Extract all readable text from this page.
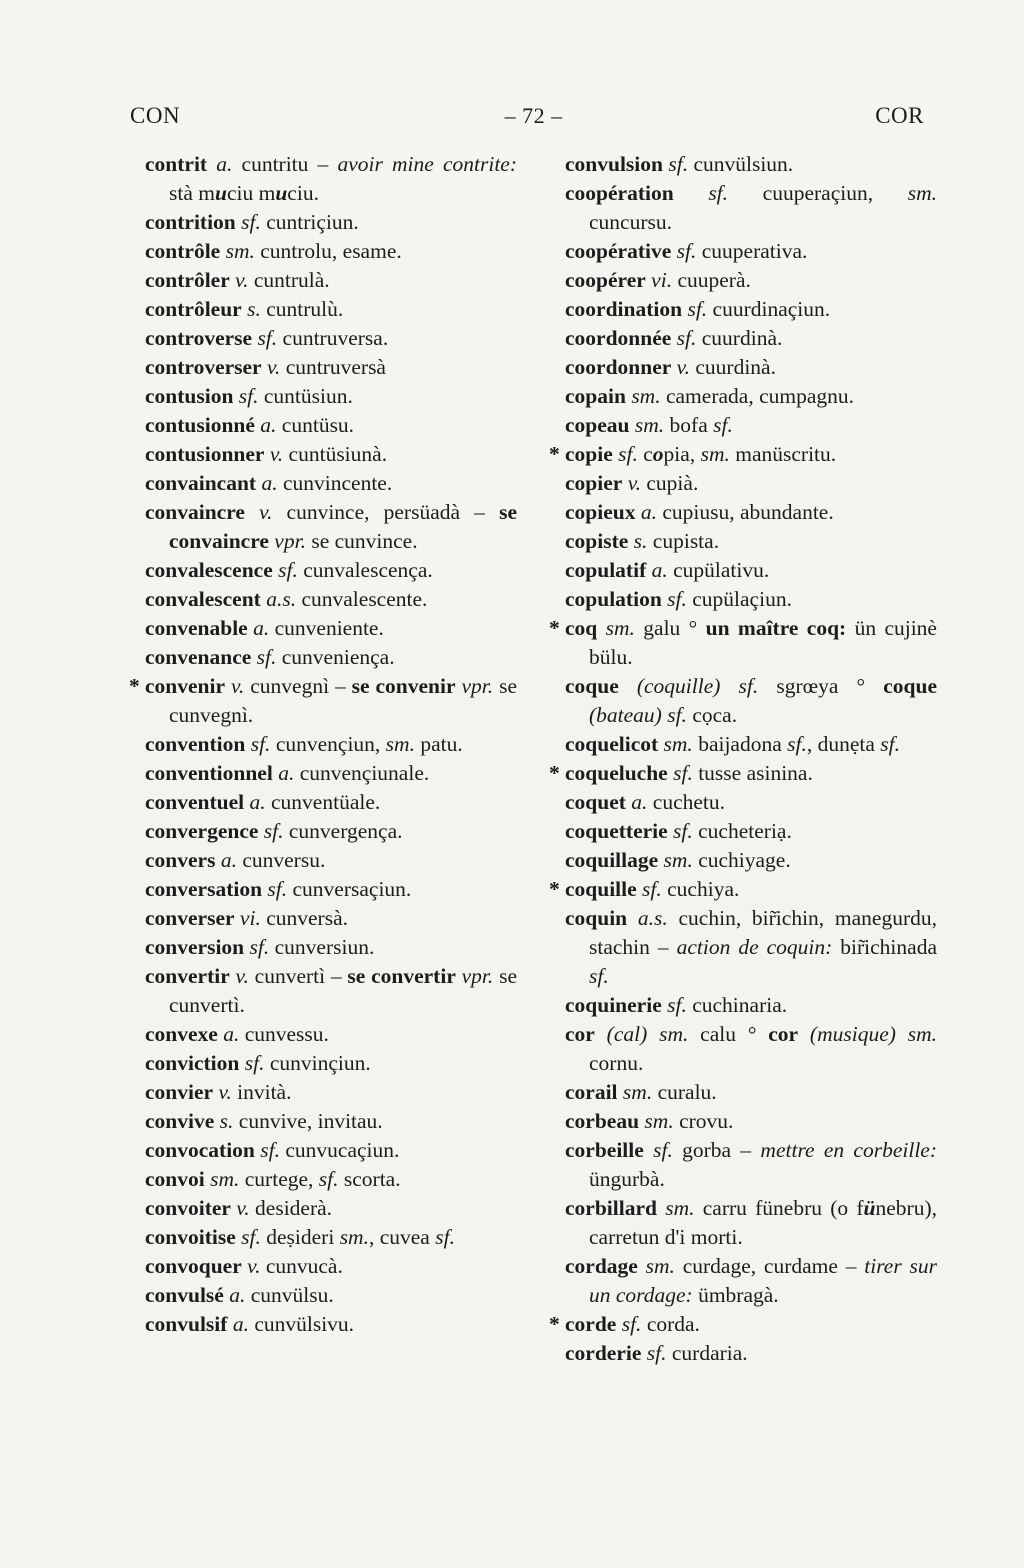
CON	– 72 –	COR

contrit a. cuntritu – avoir mine contrite: stà muciu muciu.

contrition sf. cuntriçiun.

contrôle sm. cuntrolu, esame.

contrôler v. cuntrulà.

contrôleur s. cuntrulù.

controverse sf. cuntruversa.

controverser v. cuntruversà

contusion sf. cuntüsiun.

contusionné a. cuntüsu.

contusionner v. cuntüsiunà.

convaincant a. cunvincente.

convaincre v. cunvince, persüadà – se convaincre vpr. se cunvince.

convalescence sf. cunvalescença.

convalescent a.s. cunvalescente.

convenable a. cunveniente.

convenance sf. cunveniença.

* convenir v. cunvegnì – se convenir vpr. se cunvegnì.

convention sf. cunvençiun, sm. patu.

conventionnel a. cunvençiunale.

conventuel a. cunventüale.

convergence sf. cunvergença.

convers a. cunversu.

conversation sf. cunversaçiun.

converser vi. cunversà.

conversion sf. cunversiun.

convertir v. cunvertì – se convertir vpr. se cunvertì.

convexe a. cunvessu.

conviction sf. cunvinçiun.

convier v. invità.

convive s. cunvive, invitau.

convocation sf. cunvucaçiun.

convoi sm. curtege, sf. scorta.

convoiter v. desiderà.

convoitise sf. deṣideri sm., cuvea sf.

convoquer v. cunvucà.

convulsé a. cunvülsu.

convulsif a. cunvülsivu.

convulsion sf. cunvülsiun.

coopération sf. cuuperaçiun, sm. cuncursu.

coopérative sf. cuuperativa.

coopérer vi. cuuperà.

coordination sf. cuurdinaçiun.

coordonnée sf. cuurdinà.

coordonner v. cuurdinà.

copain sm. camerada, cumpagnu.

copeau sm. bofa sf.

* copie sf. copia, sm. manüscritu.

copier v. cupià.

copieux a. cupiusu, abundante.

copiste s. cupista.

copulatif a. cupülativu.

copulation sf. cupülaçiun.

* coq sm. galu ° un maître coq: ün cujinè bülu.

coque (coquille) sf. sgrœya ° coque (bateau) sf. cọca.

coquelicot sm. baijadona sf., dunẹta sf.

* coqueluche sf. tusse asinina.

coquet a. cuchetu.

coquetterie sf. cucheteriạ.

coquillage sm. cuchiyage.

* coquille sf. cuchiya.

coquin a.s. cuchin, bir̃ichin, manegurdu, stachin – action de coquin: bir̃ichinada sf.

coquinerie sf. cuchinaria.

cor (cal) sm. calu ° cor (musique) sm. cornu.

corail sm. curalu.

corbeau sm. crovu.

corbeille sf. gorba – mettre en corbeille: üngurbà.

corbillard sm. carru fünebru (o fünebru), carretun d'i morti.

cordage sm. curdage, curdame – tirer sur un cordage: ümbragà.

* corde sf. corda.

corderie sf. curdaria.
